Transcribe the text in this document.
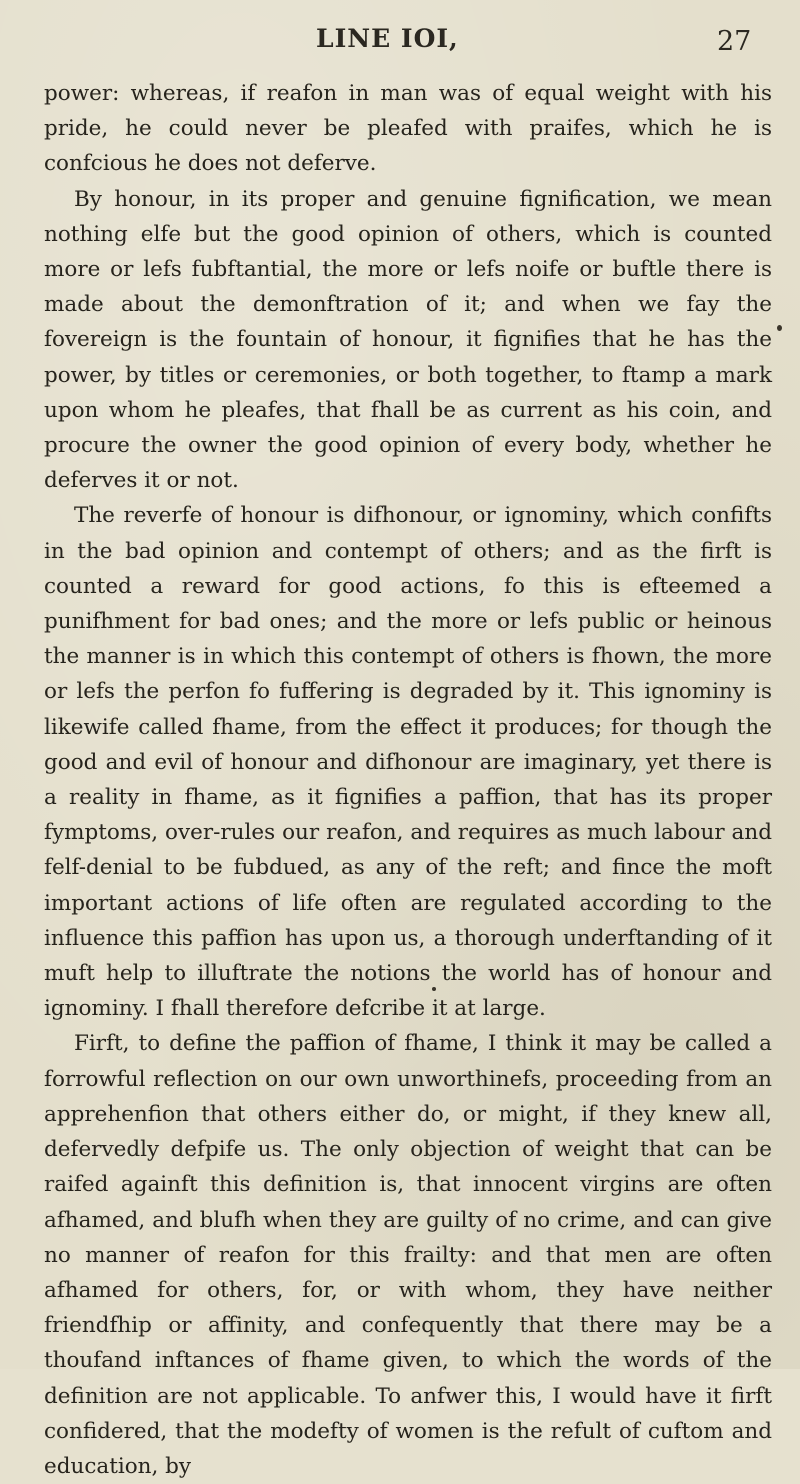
LINE IOI,	27

power: whereas, if reafon in man was of equal weight with his pride, he could never be pleafed with praifes, which he is confcious he does not deferve.

By honour, in its proper and genuine fignification, we mean nothing elfe but the good opinion of others, which is counted more or lefs fubftantial, the more or lefs noife or buftle there is made about the demonftration of it; and when we fay the fovereign is the fountain of honour, it fignifies that he has the power, by titles or ceremonies, or both together, to ftamp a mark upon whom he pleafes, that fhall be as current as his coin, and procure the owner the good opinion of every body, whether he deferves it or not.

The reverfe of honour is difhonour, or ignominy, which confifts in the bad opinion and contempt of others; and as the firft is counted a reward for good actions, fo this is efteemed a punifhment for bad ones; and the more or lefs public or heinous the manner is in which this contempt of others is fhown, the more or lefs the perfon fo fuffering is degraded by it. This ignominy is likewife called fhame, from the effect it produces; for though the good and evil of honour and difhonour are imaginary, yet there is a reality in fhame, as it fignifies a paffion, that has its proper fymptoms, over-rules our reafon, and requires as much labour and felf-denial to be fubdued, as any of the reft; and fince the moft important actions of life often are regulated according to the influence this paffion has upon us, a thorough underftanding of it muft help to illuftrate the notions the world has of honour and ignominy. I fhall therefore defcribe it at large.

Firft, to define the paffion of fhame, I think it may be called a forrowful reflection on our own unworthinefs, proceeding from an apprehenfion that others either do, or might, if they knew all, defervedly defpife us. The only objection of weight that can be raifed againft this definition is, that innocent virgins are often afhamed, and blufh when they are guilty of no crime, and can give no manner of reafon for this frailty: and that men are often afhamed for others, for, or with whom, they have neither friendfhip or affinity, and confequently that there may be a thoufand inftances of fhame given, to which the words of the definition are not applicable. To anfwer this, I would have it firft confidered, that the modefty of women is the refult of cuftom and education, by
